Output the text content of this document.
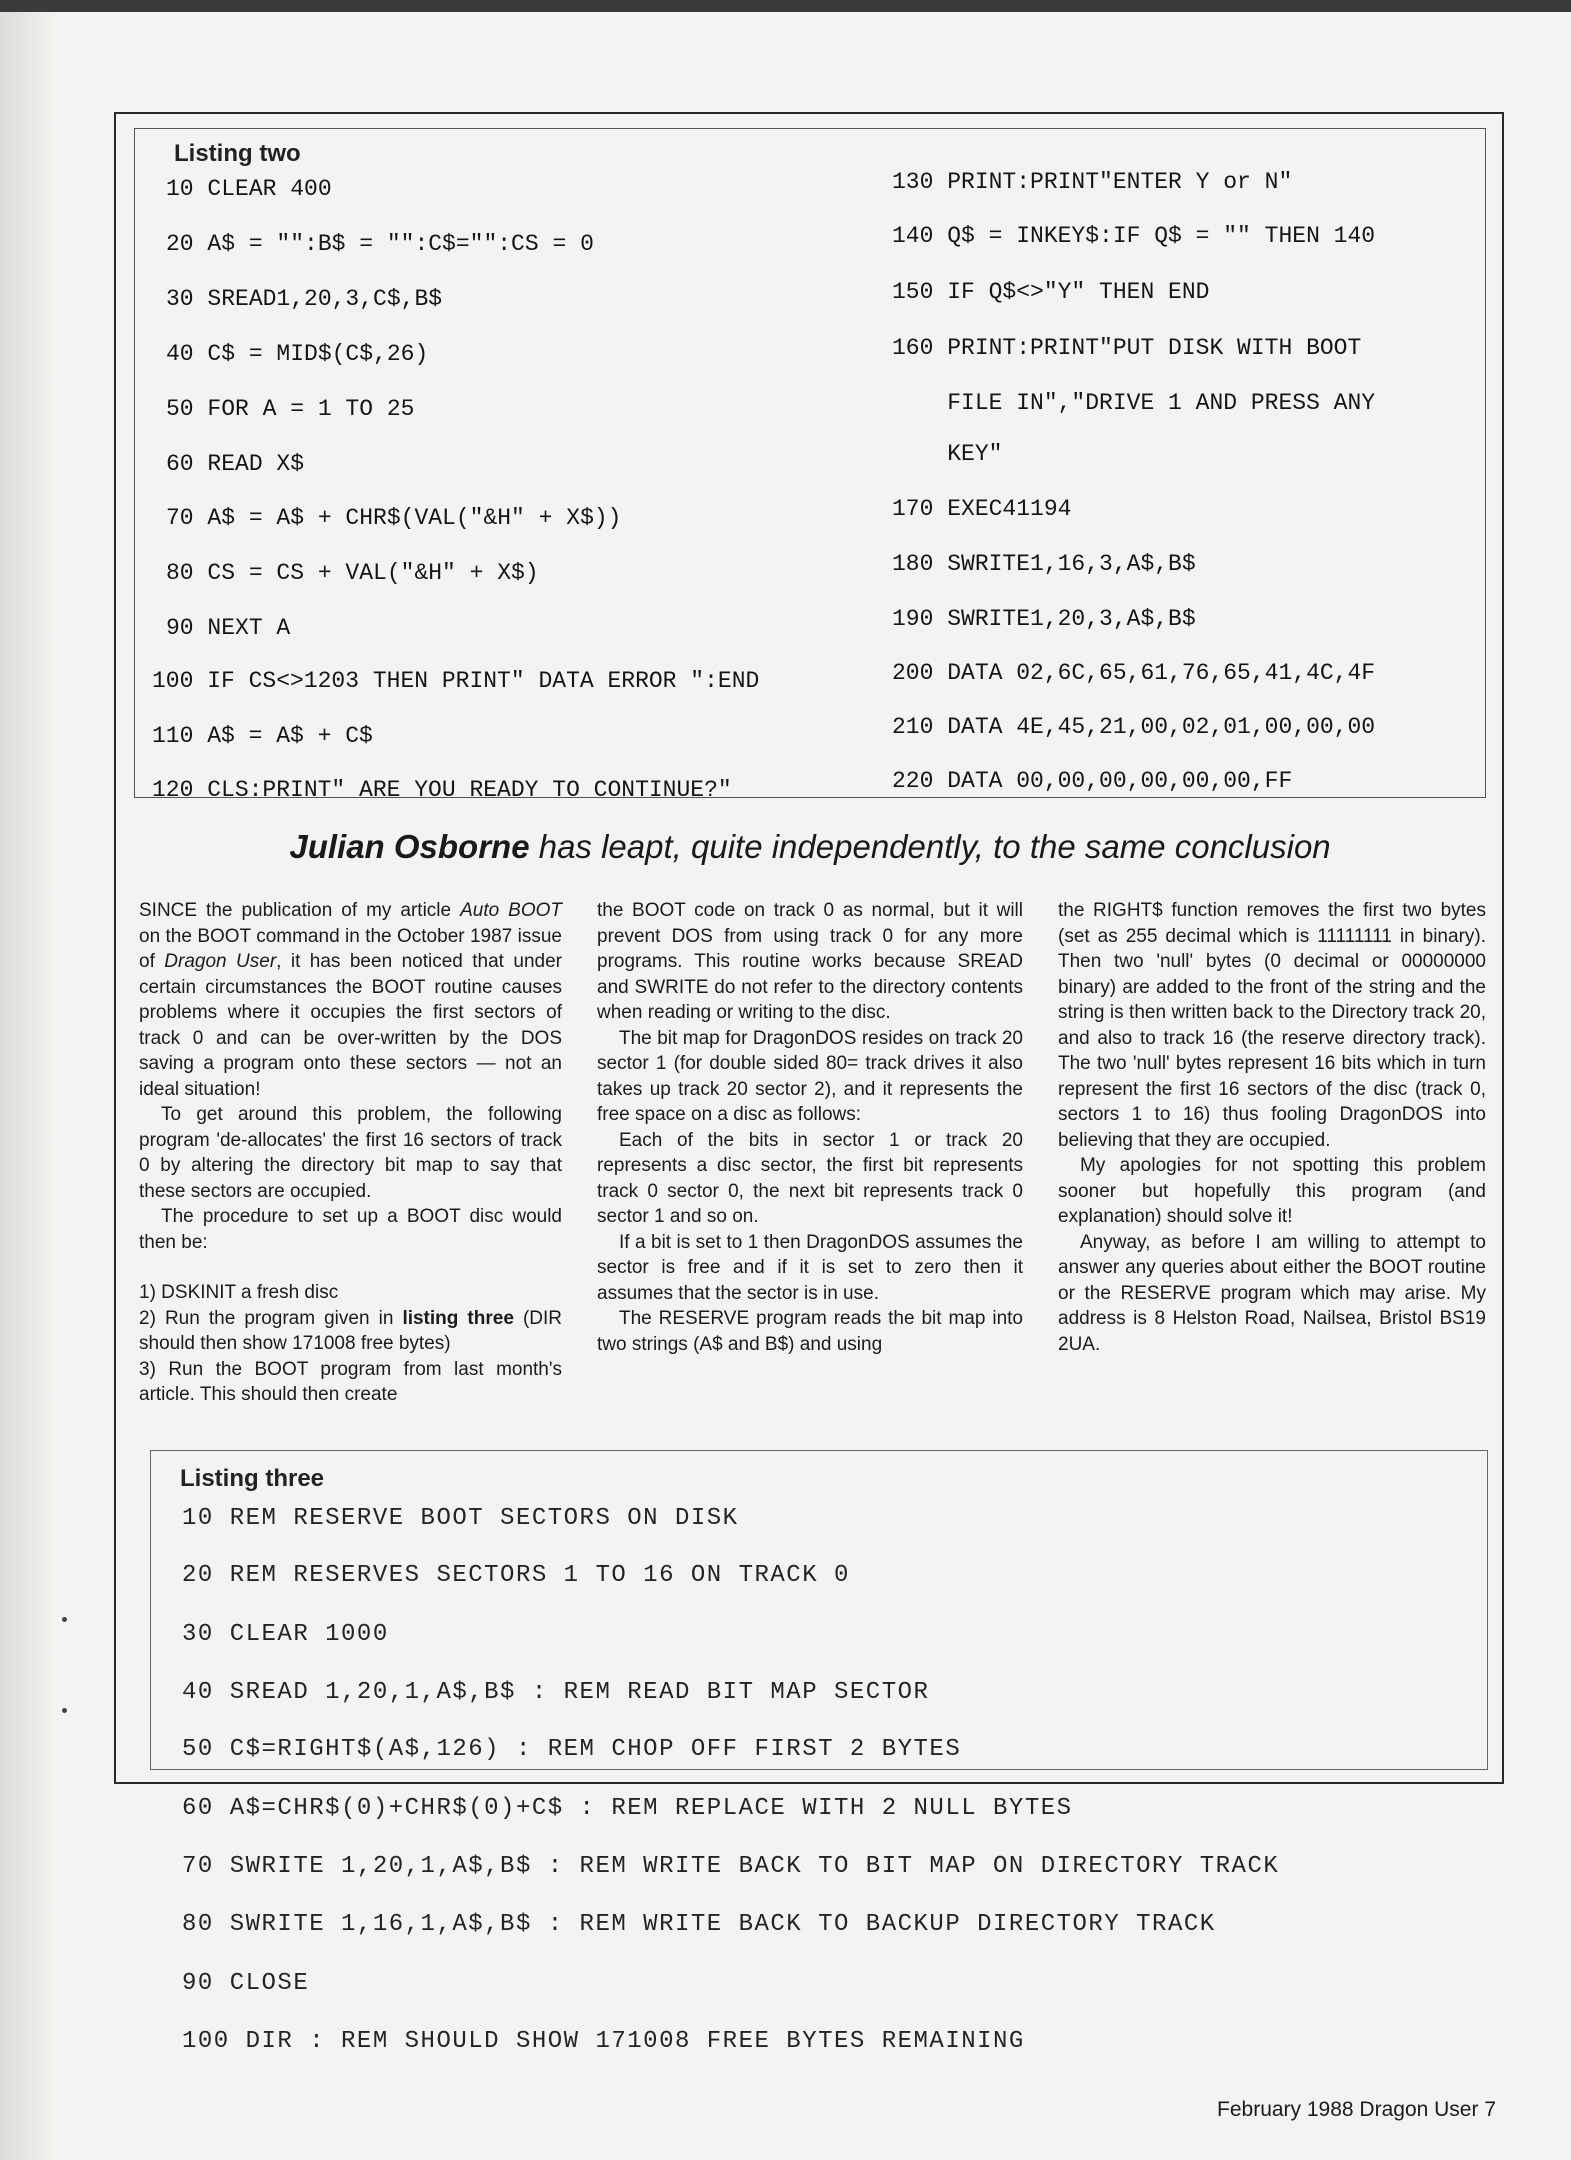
Listing two
10 CLEAR 400
20 A$ = "":B$ = "":C$="":CS = 0
30 SREAD1,20,3,C$,B$
40 C$ = MID$(C$,26)
50 FOR A = 1 TO 25
60 READ X$
70 A$ = A$ + CHR$(VAL("&H" + X$))
80 CS = CS + VAL("&H" + X$)
90 NEXT A
100 IF CS<>1203 THEN PRINT" DATA ERROR ":END
110 A$ = A$ + C$
120 CLS:PRINT" ARE YOU READY TO CONTINUE?"
130 PRINT:PRINT"ENTER Y or N"
140 Q$ = INKEY$:IF Q$ = "" THEN 140
150 IF Q$<>"Y" THEN END
160 PRINT:PRINT"PUT DISK WITH BOOT
FILE IN","DRIVE 1 AND PRESS ANY
KEY"
170 EXEC41194
180 SWRITE1,16,3,A$,B$
190 SWRITE1,20,3,A$,B$
200 DATA 02,6C,65,61,76,65,41,4C,4F
210 DATA 4E,45,21,00,02,01,00,00,00
220 DATA 00,00,00,00,00,00,FF
Julian Osborne has leapt, quite independently, to the same conclusion

SINCE the publication of my article Auto BOOT on the BOOT command in the October 1987 issue of Dragon User, it has been noticed that under certain circumstances the BOOT routine causes problems where it occupies the first sectors of track 0 and can be over-written by the DOS saving a program onto these sectors — not an ideal situation!

To get around this problem, the following program 'de-allocates' the first 16 sectors of track 0 by altering the directory bit map to say that these sectors are occupied.

The procedure to set up a BOOT disc would then be:

1) DSKINIT a fresh disc

2) Run the program given in listing three (DIR should then show 171008 free bytes)

3) Run the BOOT program from last month's article. This should then create

the BOOT code on track 0 as normal, but it will prevent DOS from using track 0 for any more programs. This routine works because SREAD and SWRITE do not refer to the directory contents when reading or writing to the disc.

The bit map for DragonDOS resides on track 20 sector 1 (for double sided 80= track drives it also takes up track 20 sector 2), and it represents the free space on a disc as follows:

Each of the bits in sector 1 or track 20 represents a disc sector, the first bit represents track 0 sector 0, the next bit represents track 0 sector 1 and so on.

If a bit is set to 1 then DragonDOS assumes the sector is free and if it is set to zero then it assumes that the sector is in use.

The RESERVE program reads the bit map into two strings (A$ and B$) and using

the RIGHT$ function removes the first two bytes (set as 255 decimal which is 11111111 in binary). Then two 'null' bytes (0 decimal or 00000000 binary) are added to the front of the string and the string is then written back to the Directory track 20, and also to track 16 (the reserve directory track). The two 'null' bytes represent 16 bits which in turn represent the first 16 sectors of the disc (track 0, sectors 1 to 16) thus fooling DragonDOS into believing that they are occupied.

My apologies for not spotting this problem sooner but hopefully this program (and explanation) should solve it!

Anyway, as before I am willing to attempt to answer any queries about either the BOOT routine or the RESERVE program which may arise. My address is 8 Helston Road, Nailsea, Bristol BS19 2UA.

Listing three
10 REM RESERVE BOOT SECTORS ON DISK
20 REM RESERVES SECTORS 1 TO 16 ON TRACK 0
30 CLEAR 1000
40 SREAD 1,20,1,A$,B$ : REM READ BIT MAP SECTOR
50 C$=RIGHT$(A$,126) : REM CHOP OFF FIRST 2 BYTES
60 A$=CHR$(0)+CHR$(0)+C$ : REM REPLACE WITH 2 NULL BYTES
70 SWRITE 1,20,1,A$,B$ : REM WRITE BACK TO BIT MAP ON DIRECTORY TRACK
80 SWRITE 1,16,1,A$,B$ : REM WRITE BACK TO BACKUP DIRECTORY TRACK
90 CLOSE
100 DIR : REM SHOULD SHOW 171008 FREE BYTES REMAINING
February 1988 Dragon User 7
